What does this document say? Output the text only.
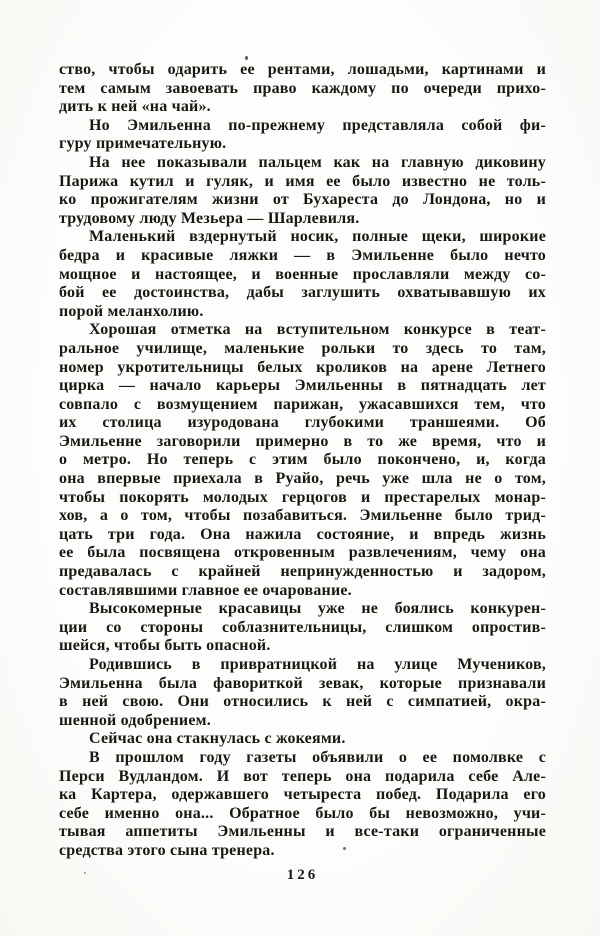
ство, чтобы одарить ее рентами, лошадьми, картинами и
тем самым завоевать право каждому по очереди прихо-
дить к ней «на чай».
Но Эмильенна по-прежнему представляла собой фи-
гуру примечательную.
На нее показывали пальцем как на главную диковину
Парижа кутил и гуляк, и имя ее было известно не толь-
ко прожигателям жизни от Бухареста до Лондона, но и
трудовому люду Мезьера — Шарлевиля.
Маленький вздернутый носик, полные щеки, широкие
бедра и красивые ляжки — в Эмильенне было нечто
мощное и настоящее, и военные прославляли между со-
бой ее достоинства, дабы заглушить охватывавшую их
порой меланхолию.
Хорошая отметка на вступительном конкурсе в теат-
ральное училище, маленькие рольки то здесь то там,
номер укротительницы белых кроликов на арене Летнего
цирка — начало карьеры Эмильенны в пятнадцать лет
совпало с возмущением парижан, ужасавшихся тем, что
их столица изуродована глубокими траншеями. Об
Эмильенне заговорили примерно в то же время, что и
о метро. Но теперь с этим было покончено, и, когда
она впервые приехала в Руайо, речь уже шла не о том,
чтобы покорять молодых герцогов и престарелых монар-
хов, а о том, чтобы позабавиться. Эмильенне было трид-
цать три года. Она нажила состояние, и впредь жизнь
ее была посвящена откровенным развлечениям, чему она
предавалась с крайней непринужденностью и задором,
составлявшими главное ее очарование.
Высокомерные красавицы уже не боялись конкурен-
ции со стороны соблазнительницы, слишком опростив-
шейся, чтобы быть опасной.
Родившись в привратницкой на улице Мучеников,
Эмильенна была фавориткой зевак, которые признавали
в ней свою. Они относились к ней с симпатией, окра-
шенной одобрением.
Сейчас она стакнулась с жокеями.
В прошлом году газеты объявили о ее помолвке с
Перси Вудландом. И вот теперь она подарила себе Але-
ка Картера, одержавшего четыреста побед. Подарила его
себе именно она... Обратное было бы невозможно, учи-
тывая аппетиты Эмильенны и все-таки ограниченные
средства этого сына тренера.
126
